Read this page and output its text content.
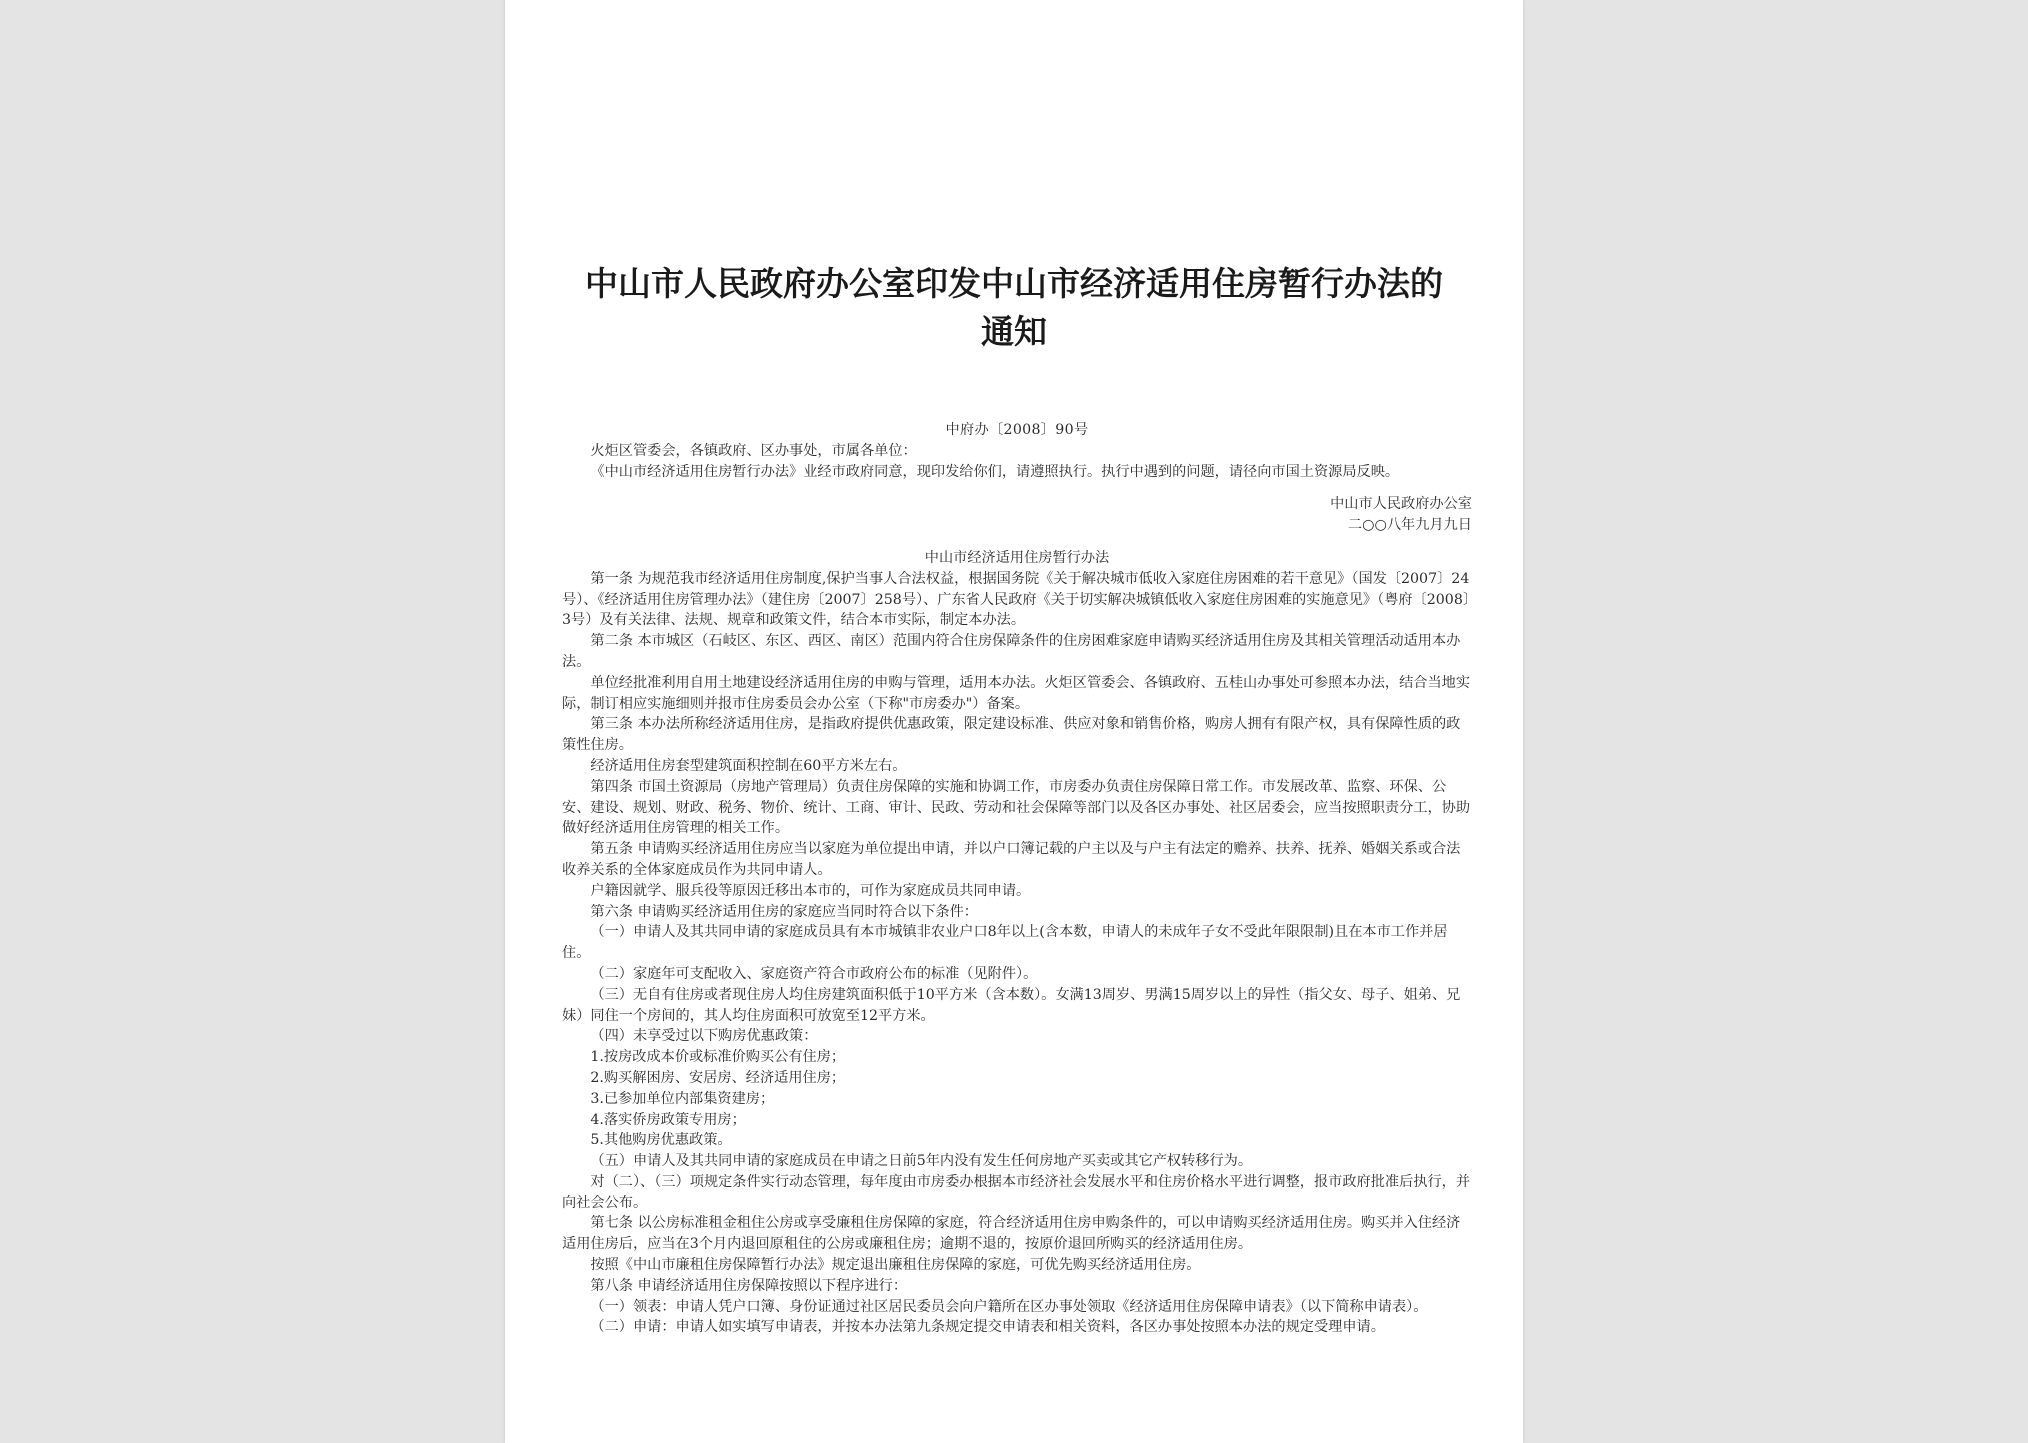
中山市人民政府办公室印发中山市经济适用住房暂行办法的通知

中府办〔2008〕90号

火炬区管委会，各镇政府、区办事处，市属各单位：

《中山市经济适用住房暂行办法》业经市政府同意，现印发给你们，请遵照执行。执行中遇到的问题，请径向市国土资源局反映。

中山市人民政府办公室

二○○八年九月九日

中山市经济适用住房暂行办法

第一条 为规范我市经济适用住房制度,保护当事人合法权益，根据国务院《关于解决城市低收入家庭住房困难的若干意见》（国发〔2007〕24号）、《经济适用住房管理办法》（建住房〔2007〕258号）、广东省人民政府《关于切实解决城镇低收入家庭住房困难的实施意见》（粤府〔2008〕3号）及有关法律、法规、规章和政策文件，结合本市实际，制定本办法。

第二条 本市城区（石岐区、东区、西区、南区）范围内符合住房保障条件的住房困难家庭申请购买经济适用住房及其相关管理活动适用本办法。

单位经批准利用自用土地建设经济适用住房的申购与管理，适用本办法。火炬区管委会、各镇政府、五桂山办事处可参照本办法，结合当地实际，制订相应实施细则并报市住房委员会办公室（下称"市房委办"）备案。

第三条 本办法所称经济适用住房，是指政府提供优惠政策，限定建设标准、供应对象和销售价格，购房人拥有有限产权，具有保障性质的政策性住房。

经济适用住房套型建筑面积控制在60平方米左右。

第四条 市国土资源局（房地产管理局）负责住房保障的实施和协调工作，市房委办负责住房保障日常工作。市发展改革、监察、环保、公安、建设、规划、财政、税务、物价、统计、工商、审计、民政、劳动和社会保障等部门以及各区办事处、社区居委会，应当按照职责分工，协助做好经济适用住房管理的相关工作。

第五条 申请购买经济适用住房应当以家庭为单位提出申请，并以户口簿记载的户主以及与户主有法定的赡养、扶养、抚养、婚姻关系或合法收养关系的全体家庭成员作为共同申请人。

户籍因就学、服兵役等原因迁移出本市的，可作为家庭成员共同申请。

第六条 申请购买经济适用住房的家庭应当同时符合以下条件：

（一）申请人及其共同申请的家庭成员具有本市城镇非农业户口8年以上(含本数，申请人的未成年子女不受此年限限制)且在本市工作并居住。

（二）家庭年可支配收入、家庭资产符合市政府公布的标准（见附件）。

（三）无自有住房或者现住房人均住房建筑面积低于10平方米（含本数）。女满13周岁、男满15周岁以上的异性（指父女、母子、姐弟、兄妹）同住一个房间的，其人均住房面积可放宽至12平方米。

（四）未享受过以下购房优惠政策：

1.按房改成本价或标准价购买公有住房；

2.购买解困房、安居房、经济适用住房；

3.已参加单位内部集资建房；

4.落实侨房政策专用房；

5.其他购房优惠政策。

（五）申请人及其共同申请的家庭成员在申请之日前5年内没有发生任何房地产买卖或其它产权转移行为。

对（二）、（三）项规定条件实行动态管理，每年度由市房委办根据本市经济社会发展水平和住房价格水平进行调整，报市政府批准后执行，并向社会公布。

第七条 以公房标准租金租住公房或享受廉租住房保障的家庭，符合经济适用住房申购条件的，可以申请购买经济适用住房。购买并入住经济适用住房后，应当在3个月内退回原租住的公房或廉租住房；逾期不退的，按原价退回所购买的经济适用住房。

按照《中山市廉租住房保障暂行办法》规定退出廉租住房保障的家庭，可优先购买经济适用住房。

第八条 申请经济适用住房保障按照以下程序进行：

（一）领表：申请人凭户口簿、身份证通过社区居民委员会向户籍所在区办事处领取《经济适用住房保障申请表》（以下简称申请表）。

（二）申请：申请人如实填写申请表，并按本办法第九条规定提交申请表和相关资料，各区办事处按照本办法的规定受理申请。
